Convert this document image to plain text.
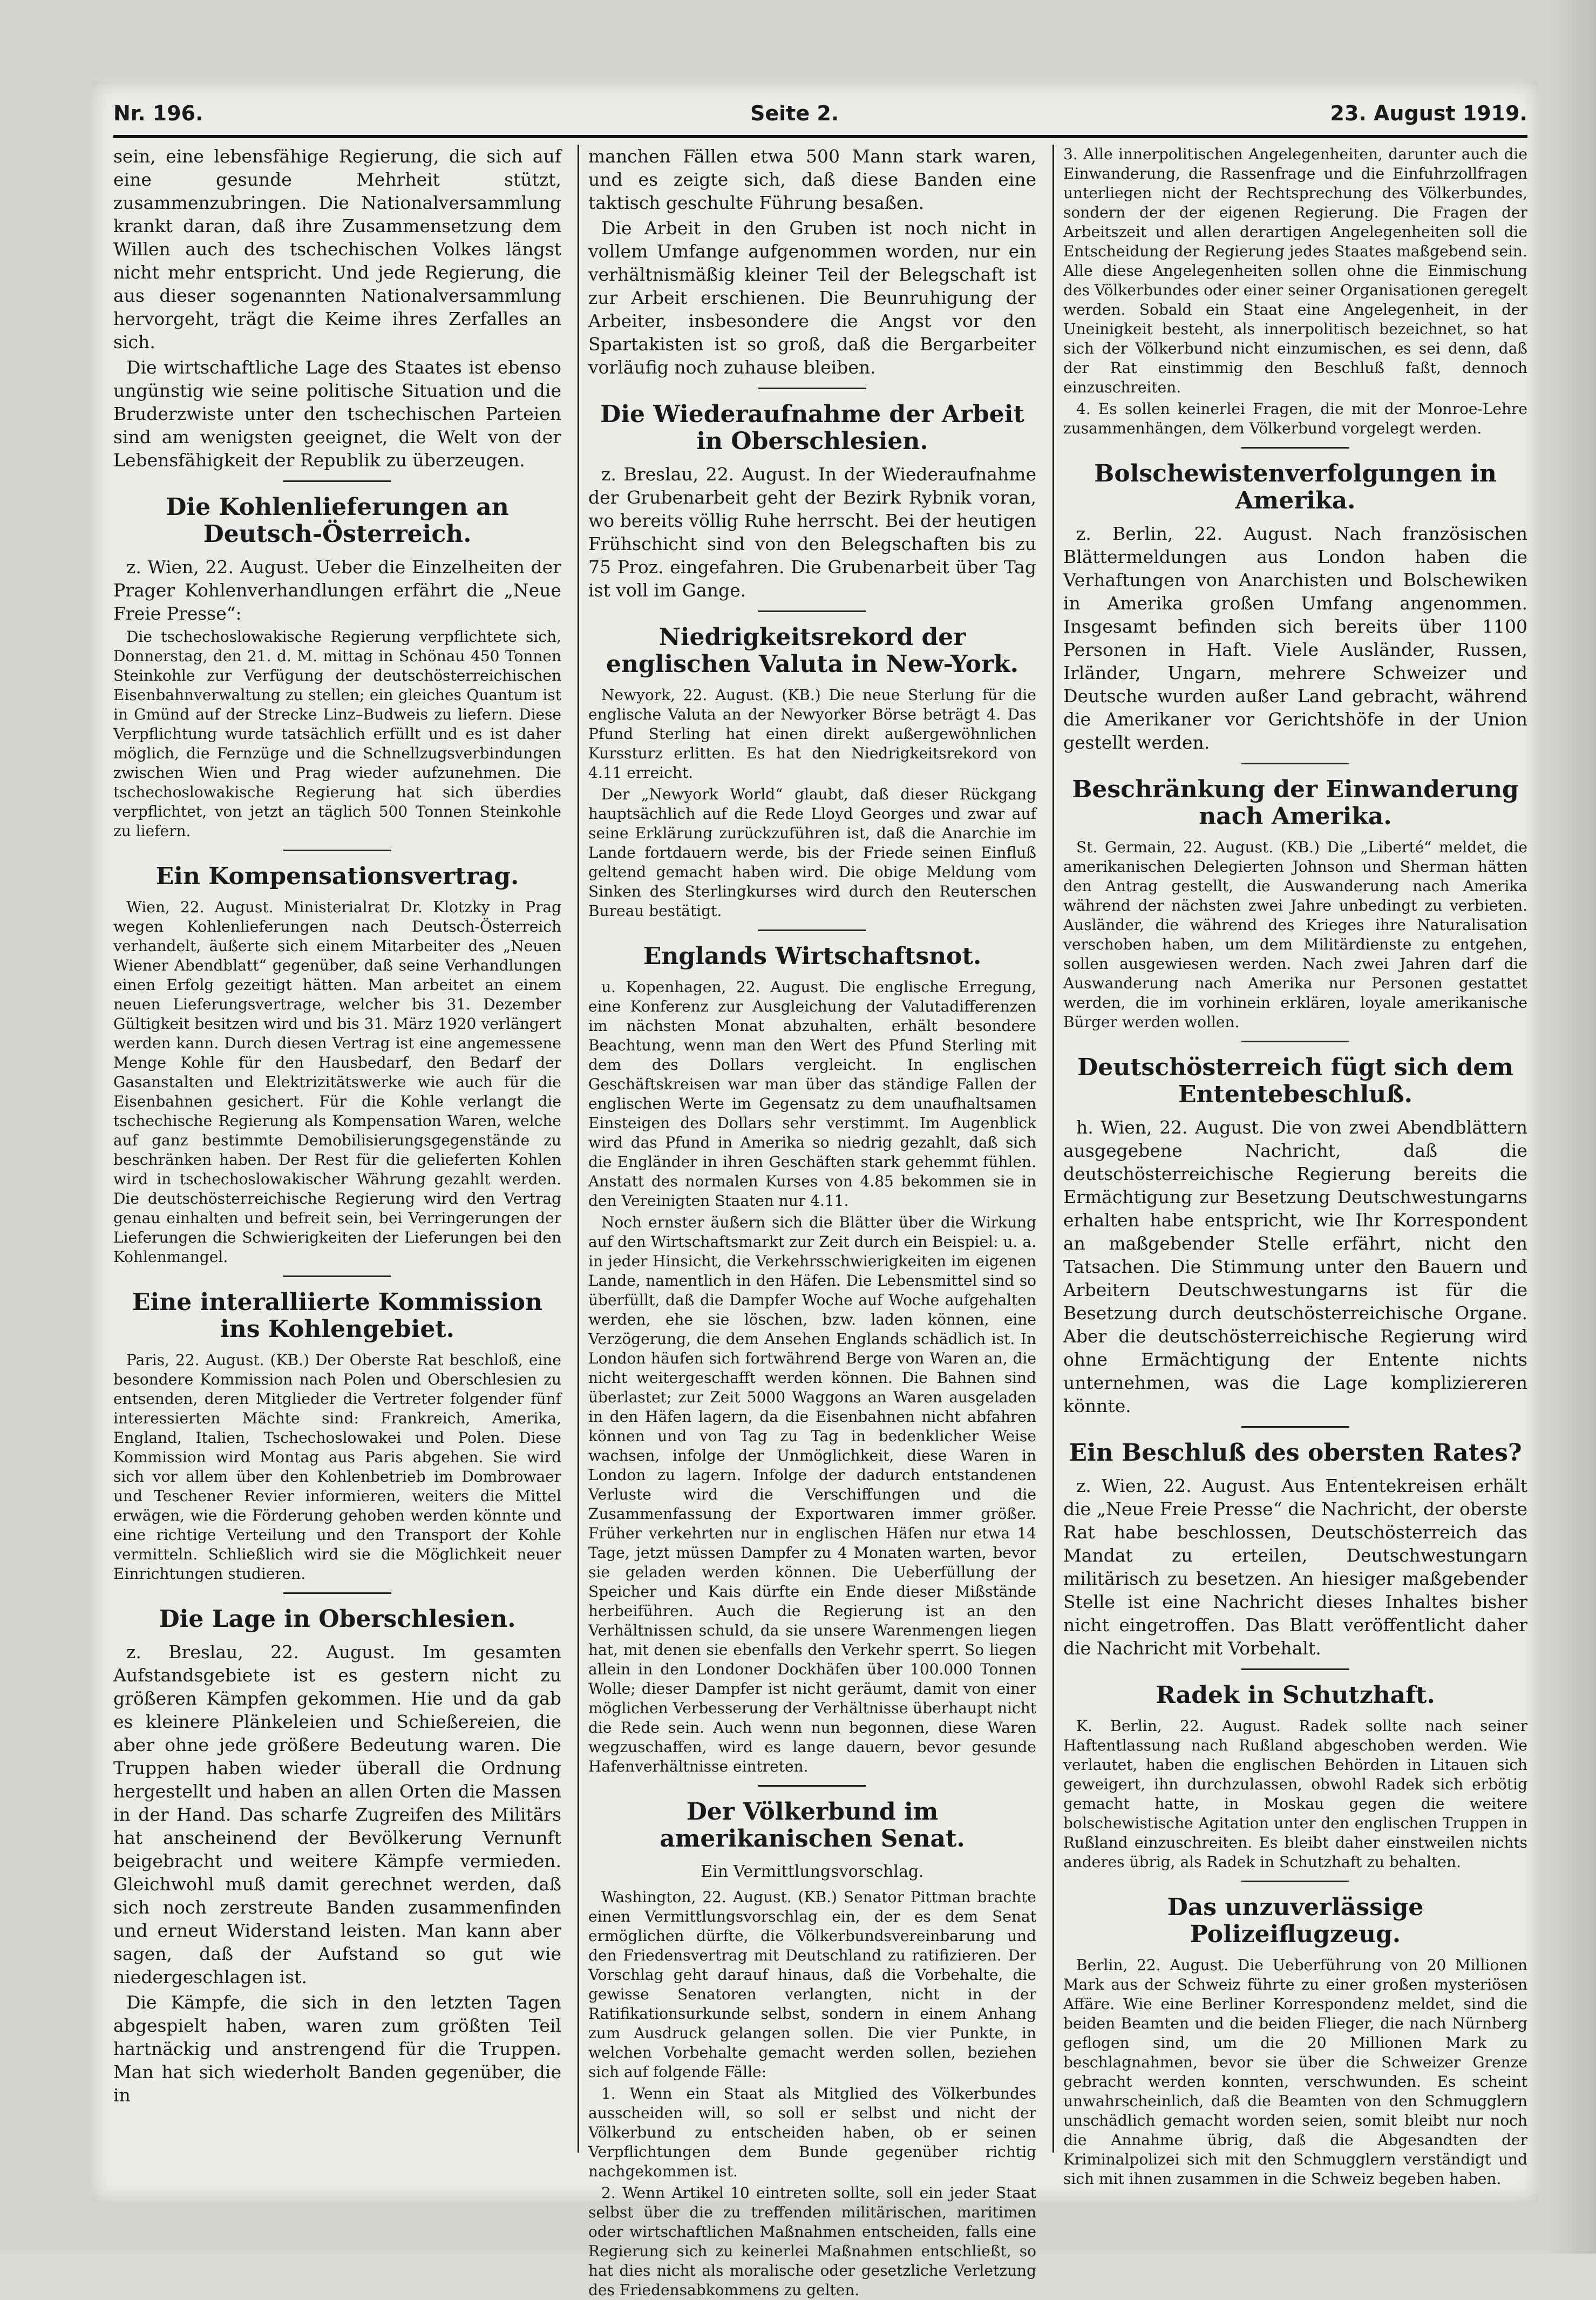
Nr. 196.	Seite 2.	23. August 1919.

sein, eine lebensfähige Regierung, die sich auf eine gesunde Mehrheit stützt, zusammenzubringen. Die Nationalversammlung krankt daran, daß ihre Zusammensetzung dem Willen auch des tschechischen Volkes längst nicht mehr entspricht. Und jede Regierung, die aus dieser sogenannten Nationalversammlung hervorgeht, trägt die Keime ihres Zerfalles an sich.

Die wirtschaftliche Lage des Staates ist ebenso ungünstig wie seine politische Situation und die Bruderzwiste unter den tschechischen Parteien sind am wenigsten geeignet, die Welt von der Lebensfähigkeit der Republik zu überzeugen.

Die Kohlenlieferungen an Deutsch-Österreich.

z. Wien, 22. August. Ueber die Einzelheiten der Prager Kohlenverhandlungen erfährt die „Neue Freie Presse“:

Die tschechoslowakische Regierung verpflichtete sich, Donnerstag, den 21. d. M. mittag in Schönau 450 Tonnen Steinkohle zur Verfügung der deutschösterreichischen Eisenbahnverwaltung zu stellen; ein gleiches Quantum ist in Gmünd auf der Strecke Linz–Budweis zu liefern. Diese Verpflichtung wurde tatsächlich erfüllt und es ist daher möglich, die Fernzüge und die Schnellzugsverbindungen zwischen Wien und Prag wieder aufzunehmen. Die tschechoslowakische Regierung hat sich überdies verpflichtet, von jetzt an täglich 500 Tonnen Steinkohle zu liefern.

Ein Kompensationsvertrag.

Wien, 22. August. Ministerialrat Dr. Klotzky in Prag wegen Kohlenlieferungen nach Deutsch-Österreich verhandelt, äußerte sich einem Mitarbeiter des „Neuen Wiener Abendblatt“ gegenüber, daß seine Verhandlungen einen Erfolg gezeitigt hätten. Man arbeitet an einem neuen Lieferungsvertrage, welcher bis 31. Dezember Gültigkeit besitzen wird und bis 31. März 1920 verlängert werden kann. Durch diesen Vertrag ist eine angemessene Menge Kohle für den Hausbedarf, den Bedarf der Gasanstalten und Elektrizitätswerke wie auch für die Eisenbahnen gesichert. Für die Kohle verlangt die tschechische Regierung als Kompensation Waren, welche auf ganz bestimmte Demobilisierungsgegenstände zu beschränken haben. Der Rest für die gelieferten Kohlen wird in tschechoslowakischer Währung gezahlt werden. Die deutschösterreichische Regierung wird den Vertrag genau einhalten und befreit sein, bei Verringerungen der Lieferungen die Schwierigkeiten der Lieferungen bei den Kohlenmangel.

Eine interalliierte Kommission ins Kohlengebiet.

Paris, 22. August. (KB.) Der Oberste Rat beschloß, eine besondere Kommission nach Polen und Oberschlesien zu entsenden, deren Mitglieder die Vertreter folgender fünf interessierten Mächte sind: Frankreich, Amerika, England, Italien, Tschechoslowakei und Polen. Diese Kommission wird Montag aus Paris abgehen. Sie wird sich vor allem über den Kohlenbetrieb im Dombrowaer und Teschener Revier informieren, weiters die Mittel erwägen, wie die Förderung gehoben werden könnte und eine richtige Verteilung und den Transport der Kohle vermitteln. Schließlich wird sie die Möglichkeit neuer Einrichtungen studieren.

Die Lage in Oberschlesien.

z. Breslau, 22. August. Im gesamten Aufstandsgebiete ist es gestern nicht zu größeren Kämpfen gekommen. Hie und da gab es kleinere Plänkeleien und Schießereien, die aber ohne jede größere Bedeutung waren. Die Truppen haben wieder überall die Ordnung hergestellt und haben an allen Orten die Massen in der Hand. Das scharfe Zugreifen des Militärs hat anscheinend der Bevölkerung Vernunft beigebracht und weitere Kämpfe vermieden. Gleichwohl muß damit gerechnet werden, daß sich noch zerstreute Banden zusammenfinden und erneut Widerstand leisten. Man kann aber sagen, daß der Aufstand so gut wie niedergeschlagen ist.

Die Kämpfe, die sich in den letzten Tagen abgespielt haben, waren zum größten Teil hartnäckig und anstrengend für die Truppen. Man hat sich wiederholt Banden gegenüber, die in

manchen Fällen etwa 500 Mann stark waren, und es zeigte sich, daß diese Banden eine taktisch geschulte Führung besaßen.

Die Arbeit in den Gruben ist noch nicht in vollem Umfange aufgenommen worden, nur ein verhältnismäßig kleiner Teil der Belegschaft ist zur Arbeit erschienen. Die Beunruhigung der Arbeiter, insbesondere die Angst vor den Spartakisten ist so groß, daß die Bergarbeiter vorläufig noch zuhause bleiben.

Die Wiederaufnahme der Arbeit in Oberschlesien.

z. Breslau, 22. August. In der Wiederaufnahme der Grubenarbeit geht der Bezirk Rybnik voran, wo bereits völlig Ruhe herrscht. Bei der heutigen Frühschicht sind von den Belegschaften bis zu 75 Proz. eingefahren. Die Grubenarbeit über Tag ist voll im Gange.

Niedrigkeitsrekord der englischen Valuta in New-York.

Newyork, 22. August. (KB.) Die neue Sterlung für die englische Valuta an der Newyorker Börse beträgt 4. Das Pfund Sterling hat einen direkt außergewöhnlichen Kurssturz erlitten. Es hat den Niedrigkeitsrekord von 4.11 erreicht.

Der „Newyork World“ glaubt, daß dieser Rückgang hauptsächlich auf die Rede Lloyd Georges und zwar auf seine Erklärung zurückzuführen ist, daß die Anarchie im Lande fortdauern werde, bis der Friede seinen Einfluß geltend gemacht haben wird. Die obige Meldung vom Sinken des Sterlingkurses wird durch den Reuterschen Bureau bestätigt.

Englands Wirtschaftsnot.

u. Kopenhagen, 22. August. Die englische Erregung, eine Konferenz zur Ausgleichung der Valutadifferenzen im nächsten Monat abzuhalten, erhält besondere Beachtung, wenn man den Wert des Pfund Sterling mit dem des Dollars vergleicht. In englischen Geschäftskreisen war man über das ständige Fallen der englischen Werte im Gegensatz zu dem unaufhaltsamen Einsteigen des Dollars sehr verstimmt. Im Augenblick wird das Pfund in Amerika so niedrig gezahlt, daß sich die Engländer in ihren Geschäften stark gehemmt fühlen. Anstatt des normalen Kurses von 4.85 bekommen sie in den Vereinigten Staaten nur 4.11.

Noch ernster äußern sich die Blätter über die Wirkung auf den Wirtschaftsmarkt zur Zeit durch ein Beispiel: u. a. in jeder Hinsicht, die Verkehrsschwierigkeiten im eigenen Lande, namentlich in den Häfen. Die Lebensmittel sind so überfüllt, daß die Dampfer Woche auf Woche aufgehalten werden, ehe sie löschen, bzw. laden können, eine Verzögerung, die dem Ansehen Englands schädlich ist. In London häufen sich fortwährend Berge von Waren an, die nicht weitergeschafft werden können. Die Bahnen sind überlastet; zur Zeit 5000 Waggons an Waren ausgeladen in den Häfen lagern, da die Eisenbahnen nicht abfahren können und von Tag zu Tag in bedenklicher Weise wachsen, infolge der Unmöglichkeit, diese Waren in London zu lagern. Infolge der dadurch entstandenen Verluste wird die Verschiffungen und die Zusammenfassung der Exportwaren immer größer. Früher verkehrten nur in englischen Häfen nur etwa 14 Tage, jetzt müssen Dampfer zu 4 Monaten warten, bevor sie geladen werden können. Die Ueberfüllung der Speicher und Kais dürfte ein Ende dieser Mißstände herbeiführen. Auch die Regierung ist an den Verhältnissen schuld, da sie unsere Warenmengen liegen hat, mit denen sie ebenfalls den Verkehr sperrt. So liegen allein in den Londoner Dockhäfen über 100.000 Tonnen Wolle; dieser Dampfer ist nicht geräumt, damit von einer möglichen Verbesserung der Verhältnisse überhaupt nicht die Rede sein. Auch wenn nun begonnen, diese Waren wegzuschaffen, wird es lange dauern, bevor gesunde Hafenverhältnisse eintreten.

Der Völkerbund im amerikanischen Senat.

Ein Vermittlungsvorschlag.

Washington, 22. August. (KB.) Senator Pittman brachte einen Vermittlungsvorschlag ein, der es dem Senat ermöglichen dürfte, die Völkerbundsvereinbarung und den Friedensvertrag mit Deutschland zu ratifizieren. Der Vorschlag geht darauf hinaus, daß die Vorbehalte, die gewisse Senatoren verlangten, nicht in der Ratifikationsurkunde selbst, sondern in einem Anhang zum Ausdruck gelangen sollen. Die vier Punkte, in welchen Vorbehalte gemacht werden sollen, beziehen sich auf folgende Fälle:

1. Wenn ein Staat als Mitglied des Völkerbundes ausscheiden will, so soll er selbst und nicht der Völkerbund zu entscheiden haben, ob er seinen Verpflichtungen dem Bunde gegenüber richtig nachgekommen ist.

2. Wenn Artikel 10 eintreten sollte, soll ein jeder Staat selbst über die zu treffenden militärischen, maritimen oder wirtschaftlichen Maßnahmen entscheiden, falls eine Regierung sich zu keinerlei Maßnahmen entschließt, so hat dies nicht als moralische oder gesetzliche Verletzung des Friedensabkommens zu gelten.

3. Alle innerpolitischen Angelegenheiten, darunter auch die Einwanderung, die Rassenfrage und die Einfuhrzollfragen unterliegen nicht der Rechtsprechung des Völkerbundes, sondern der der eigenen Regierung. Die Fragen der Arbeitszeit und allen derartigen Angelegenheiten soll die Entscheidung der Regierung jedes Staates maßgebend sein. Alle diese Angelegenheiten sollen ohne die Einmischung des Völkerbundes oder einer seiner Organisationen geregelt werden. Sobald ein Staat eine Angelegenheit, in der Uneinigkeit besteht, als innerpolitisch bezeichnet, so hat sich der Völkerbund nicht einzumischen, es sei denn, daß der Rat einstimmig den Beschluß faßt, dennoch einzuschreiten.

4. Es sollen keinerlei Fragen, die mit der Monroe-Lehre zusammenhängen, dem Völkerbund vorgelegt werden.

Bolschewistenverfolgungen in Amerika.

z. Berlin, 22. August. Nach französischen Blättermeldungen aus London haben die Verhaftungen von Anarchisten und Bolschewiken in Amerika großen Umfang angenommen. Insgesamt befinden sich bereits über 1100 Personen in Haft. Viele Ausländer, Russen, Irländer, Ungarn, mehrere Schweizer und Deutsche wurden außer Land gebracht, während die Amerikaner vor Gerichtshöfe in der Union gestellt werden.

Beschränkung der Einwanderung nach Amerika.

St. Germain, 22. August. (KB.) Die „Liberté“ meldet, die amerikanischen Delegierten Johnson und Sherman hätten den Antrag gestellt, die Auswanderung nach Amerika während der nächsten zwei Jahre unbedingt zu verbieten. Ausländer, die während des Krieges ihre Naturalisation verschoben haben, um dem Militärdienste zu entgehen, sollen ausgewiesen werden. Nach zwei Jahren darf die Auswanderung nach Amerika nur Personen gestattet werden, die im vorhinein erklären, loyale amerikanische Bürger werden wollen.

Deutschösterreich fügt sich dem Ententebeschluß.

h. Wien, 22. August. Die von zwei Abendblättern ausgegebene Nachricht, daß die deutschösterreichische Regierung bereits die Ermächtigung zur Besetzung Deutschwestungarns erhalten habe entspricht, wie Ihr Korrespondent an maßgebender Stelle erfährt, nicht den Tatsachen. Die Stimmung unter den Bauern und Arbeitern Deutschwestungarns ist für die Besetzung durch deutschösterreichische Organe. Aber die deutschösterreichische Regierung wird ohne Ermächtigung der Entente nichts unternehmen, was die Lage kompliziereren könnte.

Ein Beschluß des obersten Rates?

z. Wien, 22. August. Aus Ententekreisen erhält die „Neue Freie Presse“ die Nachricht, der oberste Rat habe beschlossen, Deutschösterreich das Mandat zu erteilen, Deutschwestungarn militärisch zu besetzen. An hiesiger maßgebender Stelle ist eine Nachricht dieses Inhaltes bisher nicht eingetroffen. Das Blatt veröffentlicht daher die Nachricht mit Vorbehalt.

Radek in Schutzhaft.

K. Berlin, 22. August. Radek sollte nach seiner Haftentlassung nach Rußland abgeschoben werden. Wie verlautet, haben die englischen Behörden in Litauen sich geweigert, ihn durchzulassen, obwohl Radek sich erbötig gemacht hatte, in Moskau gegen die weitere bolschewistische Agitation unter den englischen Truppen in Rußland einzuschreiten. Es bleibt daher einstweilen nichts anderes übrig, als Radek in Schutzhaft zu behalten.

Das unzuverlässige Polizeiflugzeug.

Berlin, 22. August. Die Ueberführung von 20 Millionen Mark aus der Schweiz führte zu einer großen mysteriösen Affäre. Wie eine Berliner Korrespondenz meldet, sind die beiden Beamten und die beiden Flieger, die nach Nürnberg geflogen sind, um die 20 Millionen Mark zu beschlagnahmen, bevor sie über die Schweizer Grenze gebracht werden konnten, verschwunden. Es scheint unwahrscheinlich, daß die Beamten von den Schmugglern unschädlich gemacht worden seien, somit bleibt nur noch die Annahme übrig, daß die Abgesandten der Kriminalpolizei sich mit den Schmugglern verständigt und sich mit ihnen zusammen in die Schweiz begeben haben.
